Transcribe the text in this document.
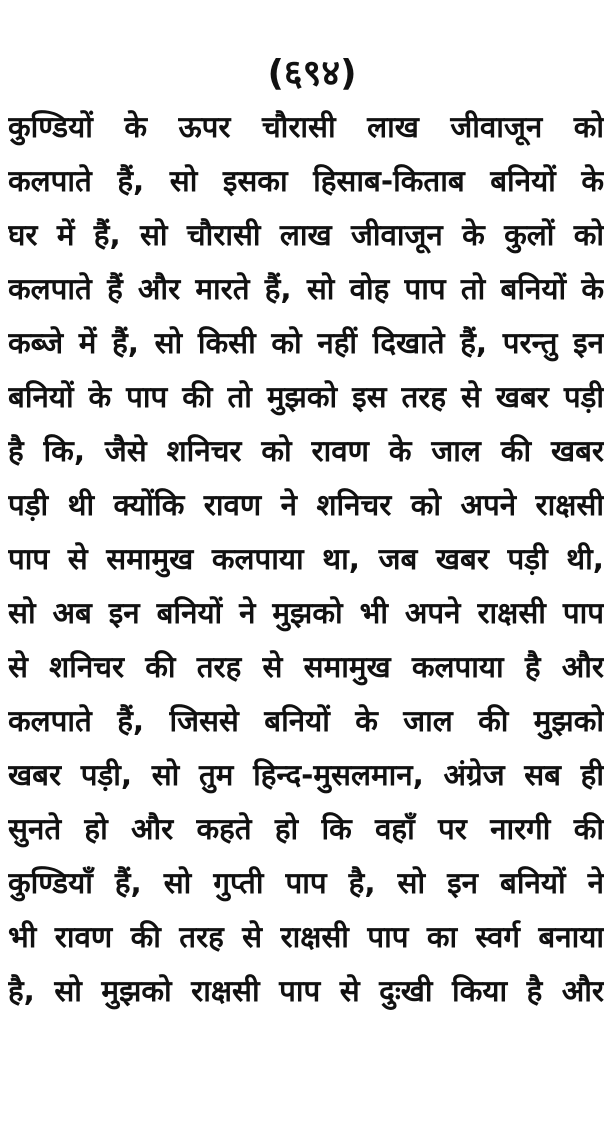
(६९४)
कुण्डियों के ऊपर चौरासी लाख जीवाजून को
कलपाते हैं, सो इसका हिसाब-किताब बनियों के
घर में हैं, सो चौरासी लाख जीवाजून के कुलों को
कलपाते हैं और मारते हैं, सो वोह पाप तो बनियों के
कब्जे में हैं, सो किसी को नहीं दिखाते हैं, परन्तु इन
बनियों के पाप की तो मुझको इस तरह से खबर पड़ी
है कि, जैसे शनिचर को रावण के जाल की खबर
पड़ी थी क्योंकि रावण ने शनिचर को अपने राक्षसी
पाप से समामुख कलपाया था, जब खबर पड़ी थी,
सो अब इन बनियों ने मुझको भी अपने राक्षसी पाप
से शनिचर की तरह से समामुख कलपाया है और
कलपाते हैं, जिससे बनियों के जाल की मुझको
खबर पड़ी, सो तुम हिन्द-मुसलमान, अंग्रेज सब ही
सुनते हो और कहते हो कि वहाँ पर नारगी की
कुण्डियाँ हैं, सो गुप्ती पाप है, सो इन बनियों ने
भी रावण की तरह से राक्षसी पाप का स्वर्ग बनाया
है, सो मुझको राक्षसी पाप से दुःखी किया है और
